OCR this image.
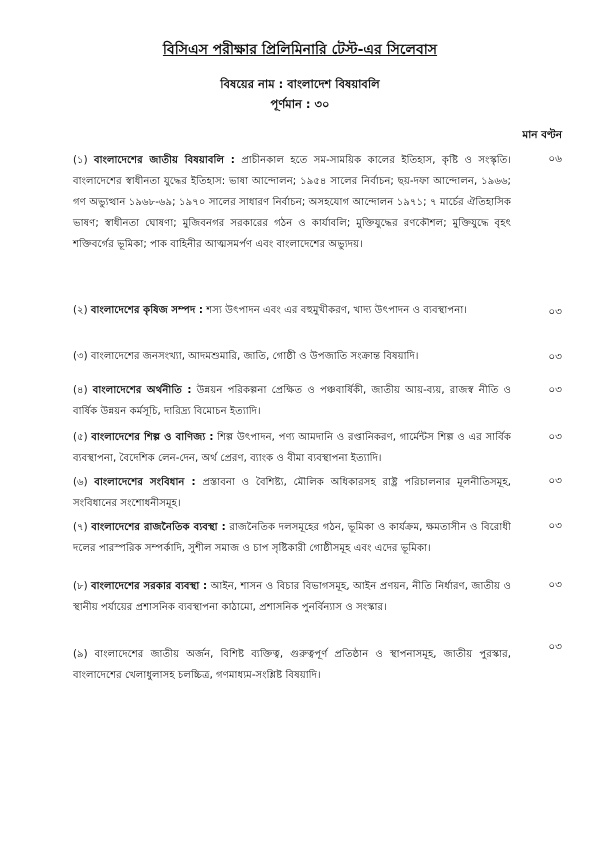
বিসিএস পরীক্ষার প্রিলিমিনারি টেস্ট-এর সিলেবাস
বিষয়ের নাম : বাংলাদেশ বিষয়াবলি
পূর্ণমান : ৩০
মান বণ্টন
(১) বাংলাদেশের জাতীয় বিষয়াবলি : প্রাচীনকাল হতে সম-সাময়িক কালের ইতিহাস, কৃষ্টি ও সংস্কৃতি। বাংলাদেশের স্বাধীনতা যুদ্ধের ইতিহাস: ভাষা আন্দোলন; ১৯৫৪ সালের নির্বাচন; ছয়-দফা আন্দোলন, ১৯৬৬; গণ অভ্যুত্থান ১৯৬৮-৬৯; ১৯৭০ সালের সাধারণ নির্বাচন; অসহযোগ আন্দোলন ১৯৭১; ৭ মার্চের ঐতিহাসিক ভাষণ; স্বাধীনতা ঘোষণা; মুজিবনগর সরকারের গঠন ও কার্যাবলি; মুক্তিযুদ্ধের রণকৌশল; মুক্তিযুদ্ধে বৃহৎ শক্তিবর্গের ভূমিকা; পাক বাহিনীর আত্মসমর্পণ এবং বাংলাদেশের অভ্যুদয়।
০৬
(২) বাংলাদেশের কৃষিজ সম্পদ : শস্য উৎপাদন এবং এর বহুমুখীকরণ, খাদ্য উৎপাদন ও ব্যবস্থাপনা।	০৩
(৩) বাংলাদেশের জনসংখ্যা, আদমশুমারি, জাতি, গোষ্ঠী ও উপজাতি সংক্রান্ত বিষয়াদি।	০৩
(৪) বাংলাদেশের অর্থনীতি : উন্নয়ন পরিকল্পনা প্রেক্ষিত ও পঞ্চবার্ষিকী, জাতীয় আয়-ব্যয়, রাজস্ব নীতি ও বার্ষিক উন্নয়ন কর্মসূচি, দারিদ্র্য বিমোচন ইত্যাদি।
০৩
(৫) বাংলাদেশের শিল্প ও বাণিজ্য : শিল্প উৎপাদন, পণ্য আমদানি ও রপ্তানিকরণ, গার্মেন্টস শিল্প ও এর সার্বিক ব্যবস্থাপনা, বৈদেশিক লেন-দেন, অর্থ প্রেরণ, ব্যাংক ও বীমা ব্যবস্থাপনা ইত্যাদি।
০৩
(৬) বাংলাদেশের সংবিধান : প্রস্তাবনা ও বৈশিষ্ট্য, মৌলিক অধিকারসহ রাষ্ট্র পরিচালনার মূলনীতিসমূহ, সংবিধানের সংশোধনীসমূহ।
০৩
(৭) বাংলাদেশের রাজনৈতিক ব্যবস্থা : রাজনৈতিক দলসমূহের গঠন, ভূমিকা ও কার্যক্রম, ক্ষমতাসীন ও বিরোধী দলের পারস্পরিক সম্পর্কাদি, সুশীল সমাজ ও চাপ সৃষ্টিকারী গোষ্ঠীসমূহ এবং এদের ভূমিকা।
০৩
(৮) বাংলাদেশের সরকার ব্যবস্থা : আইন, শাসন ও বিচার বিভাগসমূহ, আইন প্রণয়ন, নীতি নির্ধারণ, জাতীয় ও স্থানীয় পর্যায়ের প্রশাসনিক ব্যবস্থাপনা কাঠামো, প্রশাসনিক পুনর্বিন্যাস ও সংস্কার।
০৩
(৯) বাংলাদেশের জাতীয় অর্জন, বিশিষ্ট ব্যক্তিত্ব, গুরুত্বপূর্ণ প্রতিষ্ঠান ও স্থাপনাসমূহ, জাতীয় পুরস্কার, বাংলাদেশের খেলাধুলাসহ চলচ্চিত্র, গণমাধ্যম-সংশ্লিষ্ট বিষয়াদি।
০৩
